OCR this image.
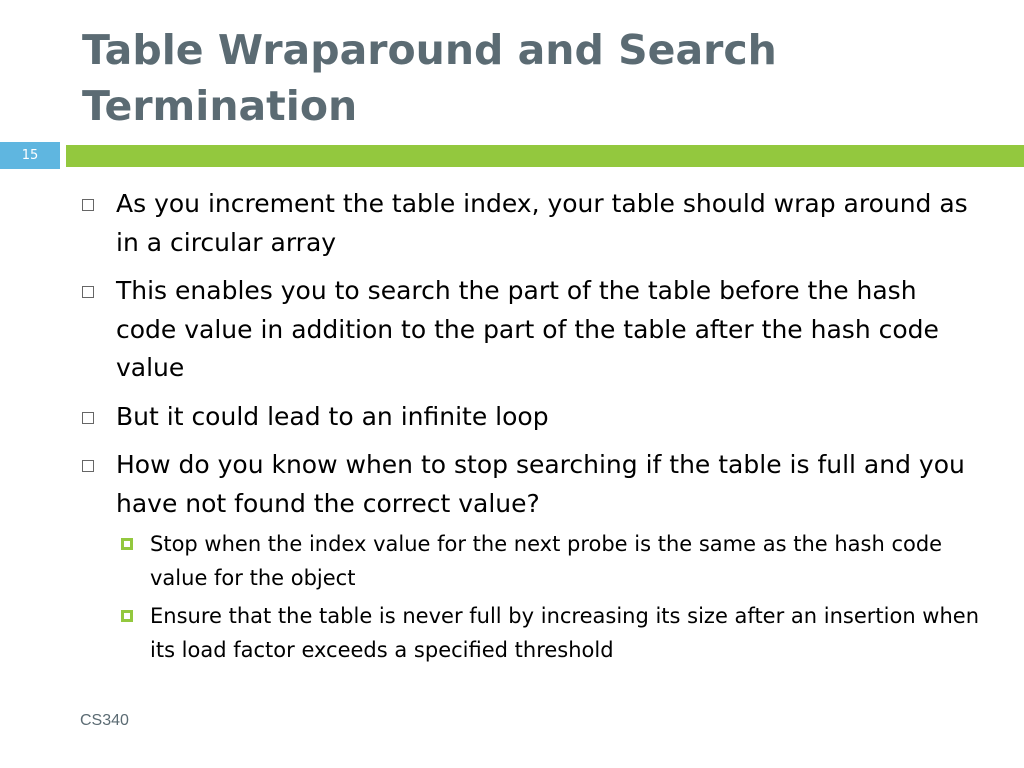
Table Wraparound and Search Termination
15
As you increment the table index, your table should wrap around as in a circular array
This enables you to search the part of the table before the hash code value in addition to the part of the table after the hash code value
But it could lead to an infinite loop
How do you know when to stop searching if the table is full and you have not found the correct value?
Stop when the index value for the next probe is the same as the hash code value for the object
Ensure that the table is never full by increasing its size after an insertion when its load factor exceeds a specified threshold
CS340
